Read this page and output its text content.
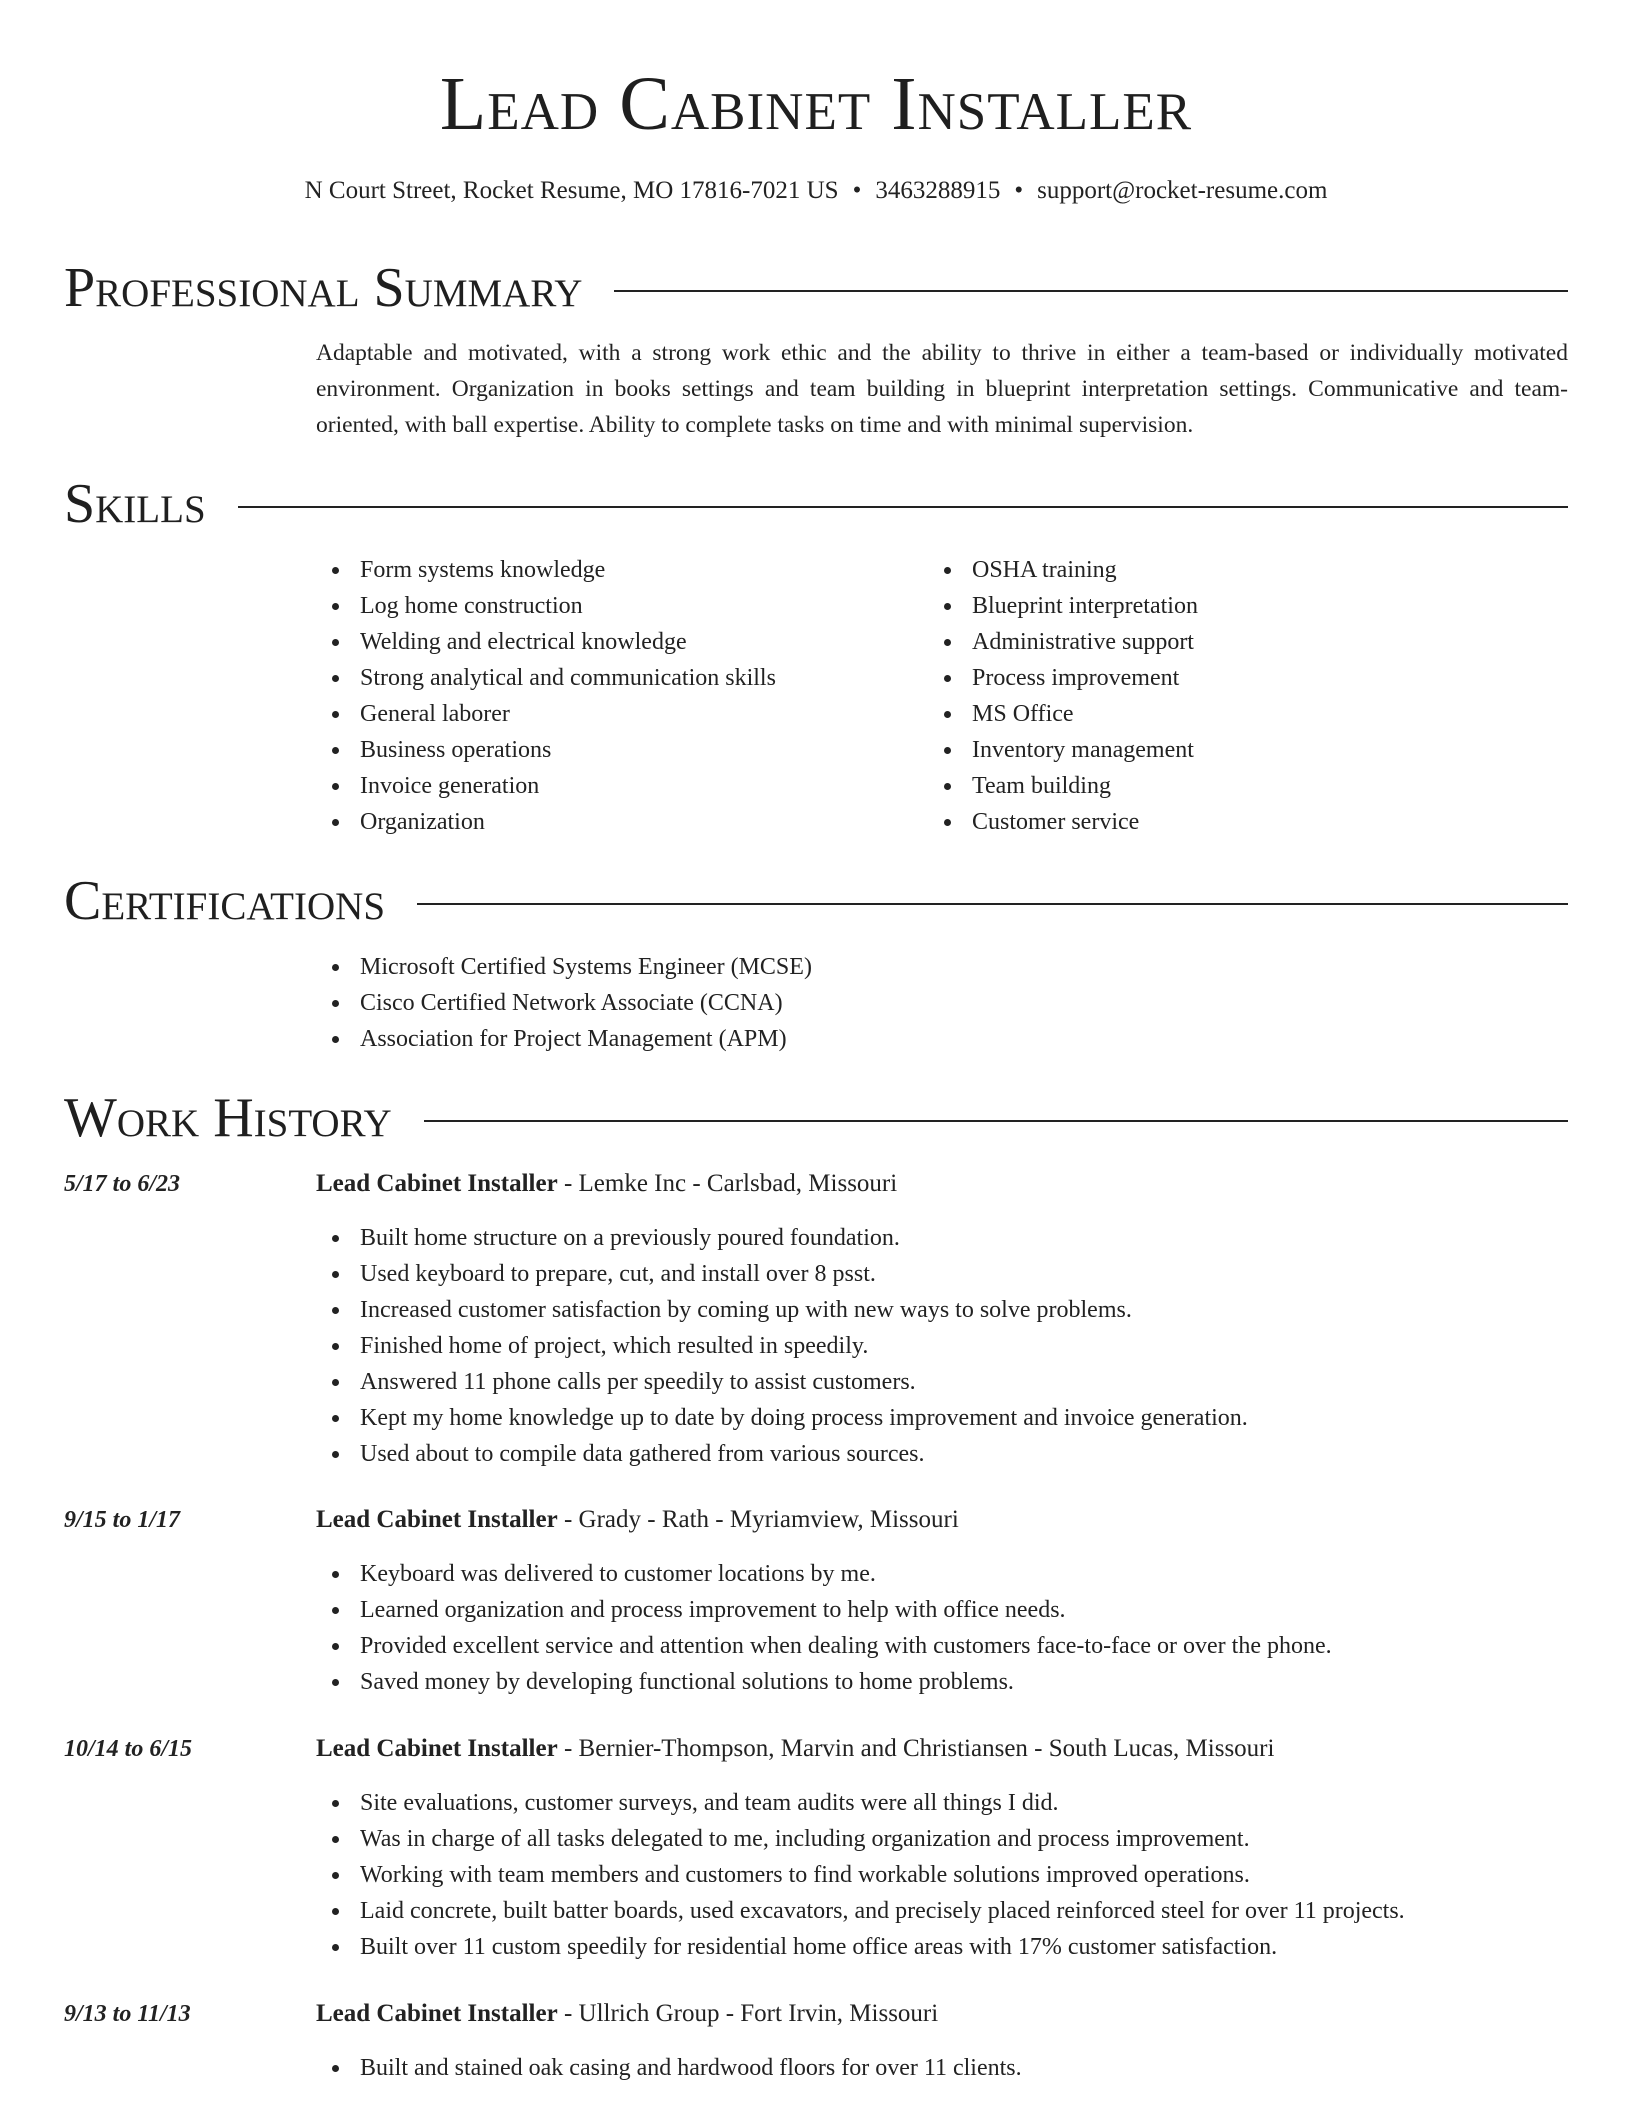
Lead Cabinet Installer
N Court Street, Rocket Resume, MO 17816-7021 US • 3463288915 • support@rocket-resume.com
Professional Summary

Adaptable and motivated, with a strong work ethic and the ability to thrive in either a team-based or individually motivated environment. Organization in books settings and team building in blueprint interpretation settings. Communicative and team-oriented, with ball expertise. Ability to complete tasks on time and with minimal supervision.

Skills
Form systems knowledge
Log home construction
Welding and electrical knowledge
Strong analytical and communication skills
General laborer
Business operations
Invoice generation
Organization
OSHA training
Blueprint interpretation
Administrative support
Process improvement
MS Office
Inventory management
Team building
Customer service
Certifications
Microsoft Certified Systems Engineer (MCSE)
Cisco Certified Network Associate (CCNA)
Association for Project Management (APM)
Work History
5/17 to 6/23	Lead Cabinet Installer - Lemke Inc - Carlsbad, Missouri
Built home structure on a previously poured foundation.
Used keyboard to prepare, cut, and install over 8 psst.
Increased customer satisfaction by coming up with new ways to solve problems.
Finished home of project, which resulted in speedily.
Answered 11 phone calls per speedily to assist customers.
Kept my home knowledge up to date by doing process improvement and invoice generation.
Used about to compile data gathered from various sources.
9/15 to 1/17	Lead Cabinet Installer - Grady - Rath - Myriamview, Missouri
Keyboard was delivered to customer locations by me.
Learned organization and process improvement to help with office needs.
Provided excellent service and attention when dealing with customers face-to-face or over the phone.
Saved money by developing functional solutions to home problems.
10/14 to 6/15	Lead Cabinet Installer - Bernier-Thompson, Marvin and Christiansen - South Lucas, Missouri
Site evaluations, customer surveys, and team audits were all things I did.
Was in charge of all tasks delegated to me, including organization and process improvement.
Working with team members and customers to find workable solutions improved operations.
Laid concrete, built batter boards, used excavators, and precisely placed reinforced steel for over 11 projects.
Built over 11 custom speedily for residential home office areas with 17% customer satisfaction.
9/13 to 11/13	Lead Cabinet Installer - Ullrich Group - Fort Irvin, Missouri
Built and stained oak casing and hardwood floors for over 11 clients.
